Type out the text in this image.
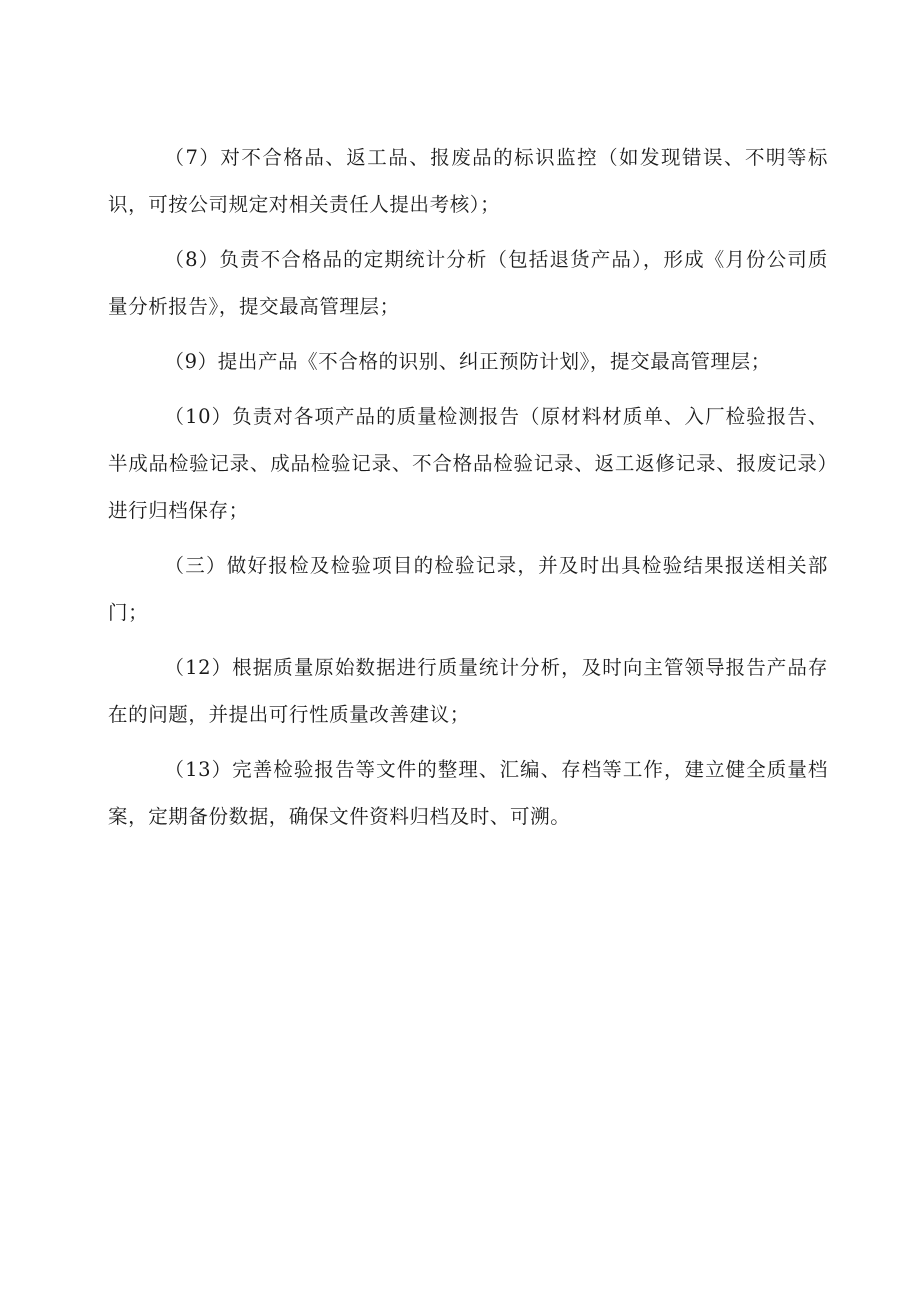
（7）对不合格品、返工品、报废品的标识监控（如发现错误、不明等标识，可按公司规定对相关责任人提出考核）；

（8）负责不合格品的定期统计分析（包括退货产品），形成《月份公司质量分析报告》，提交最高管理层；

（9）提出产品《不合格的识别、纠正预防计划》，提交最高管理层；

（10）负责对各项产品的质量检测报告（原材料材质单、入厂检验报告、半成品检验记录、成品检验记录、不合格品检验记录、返工返修记录、报废记录）进行归档保存；

（三）做好报检及检验项目的检验记录，并及时出具检验结果报送相关部门；

（12）根据质量原始数据进行质量统计分析，及时向主管领导报告产品存在的问题，并提出可行性质量改善建议；

（13）完善检验报告等文件的整理、汇编、存档等工作，建立健全质量档案，定期备份数据，确保文件资料归档及时、可溯。
